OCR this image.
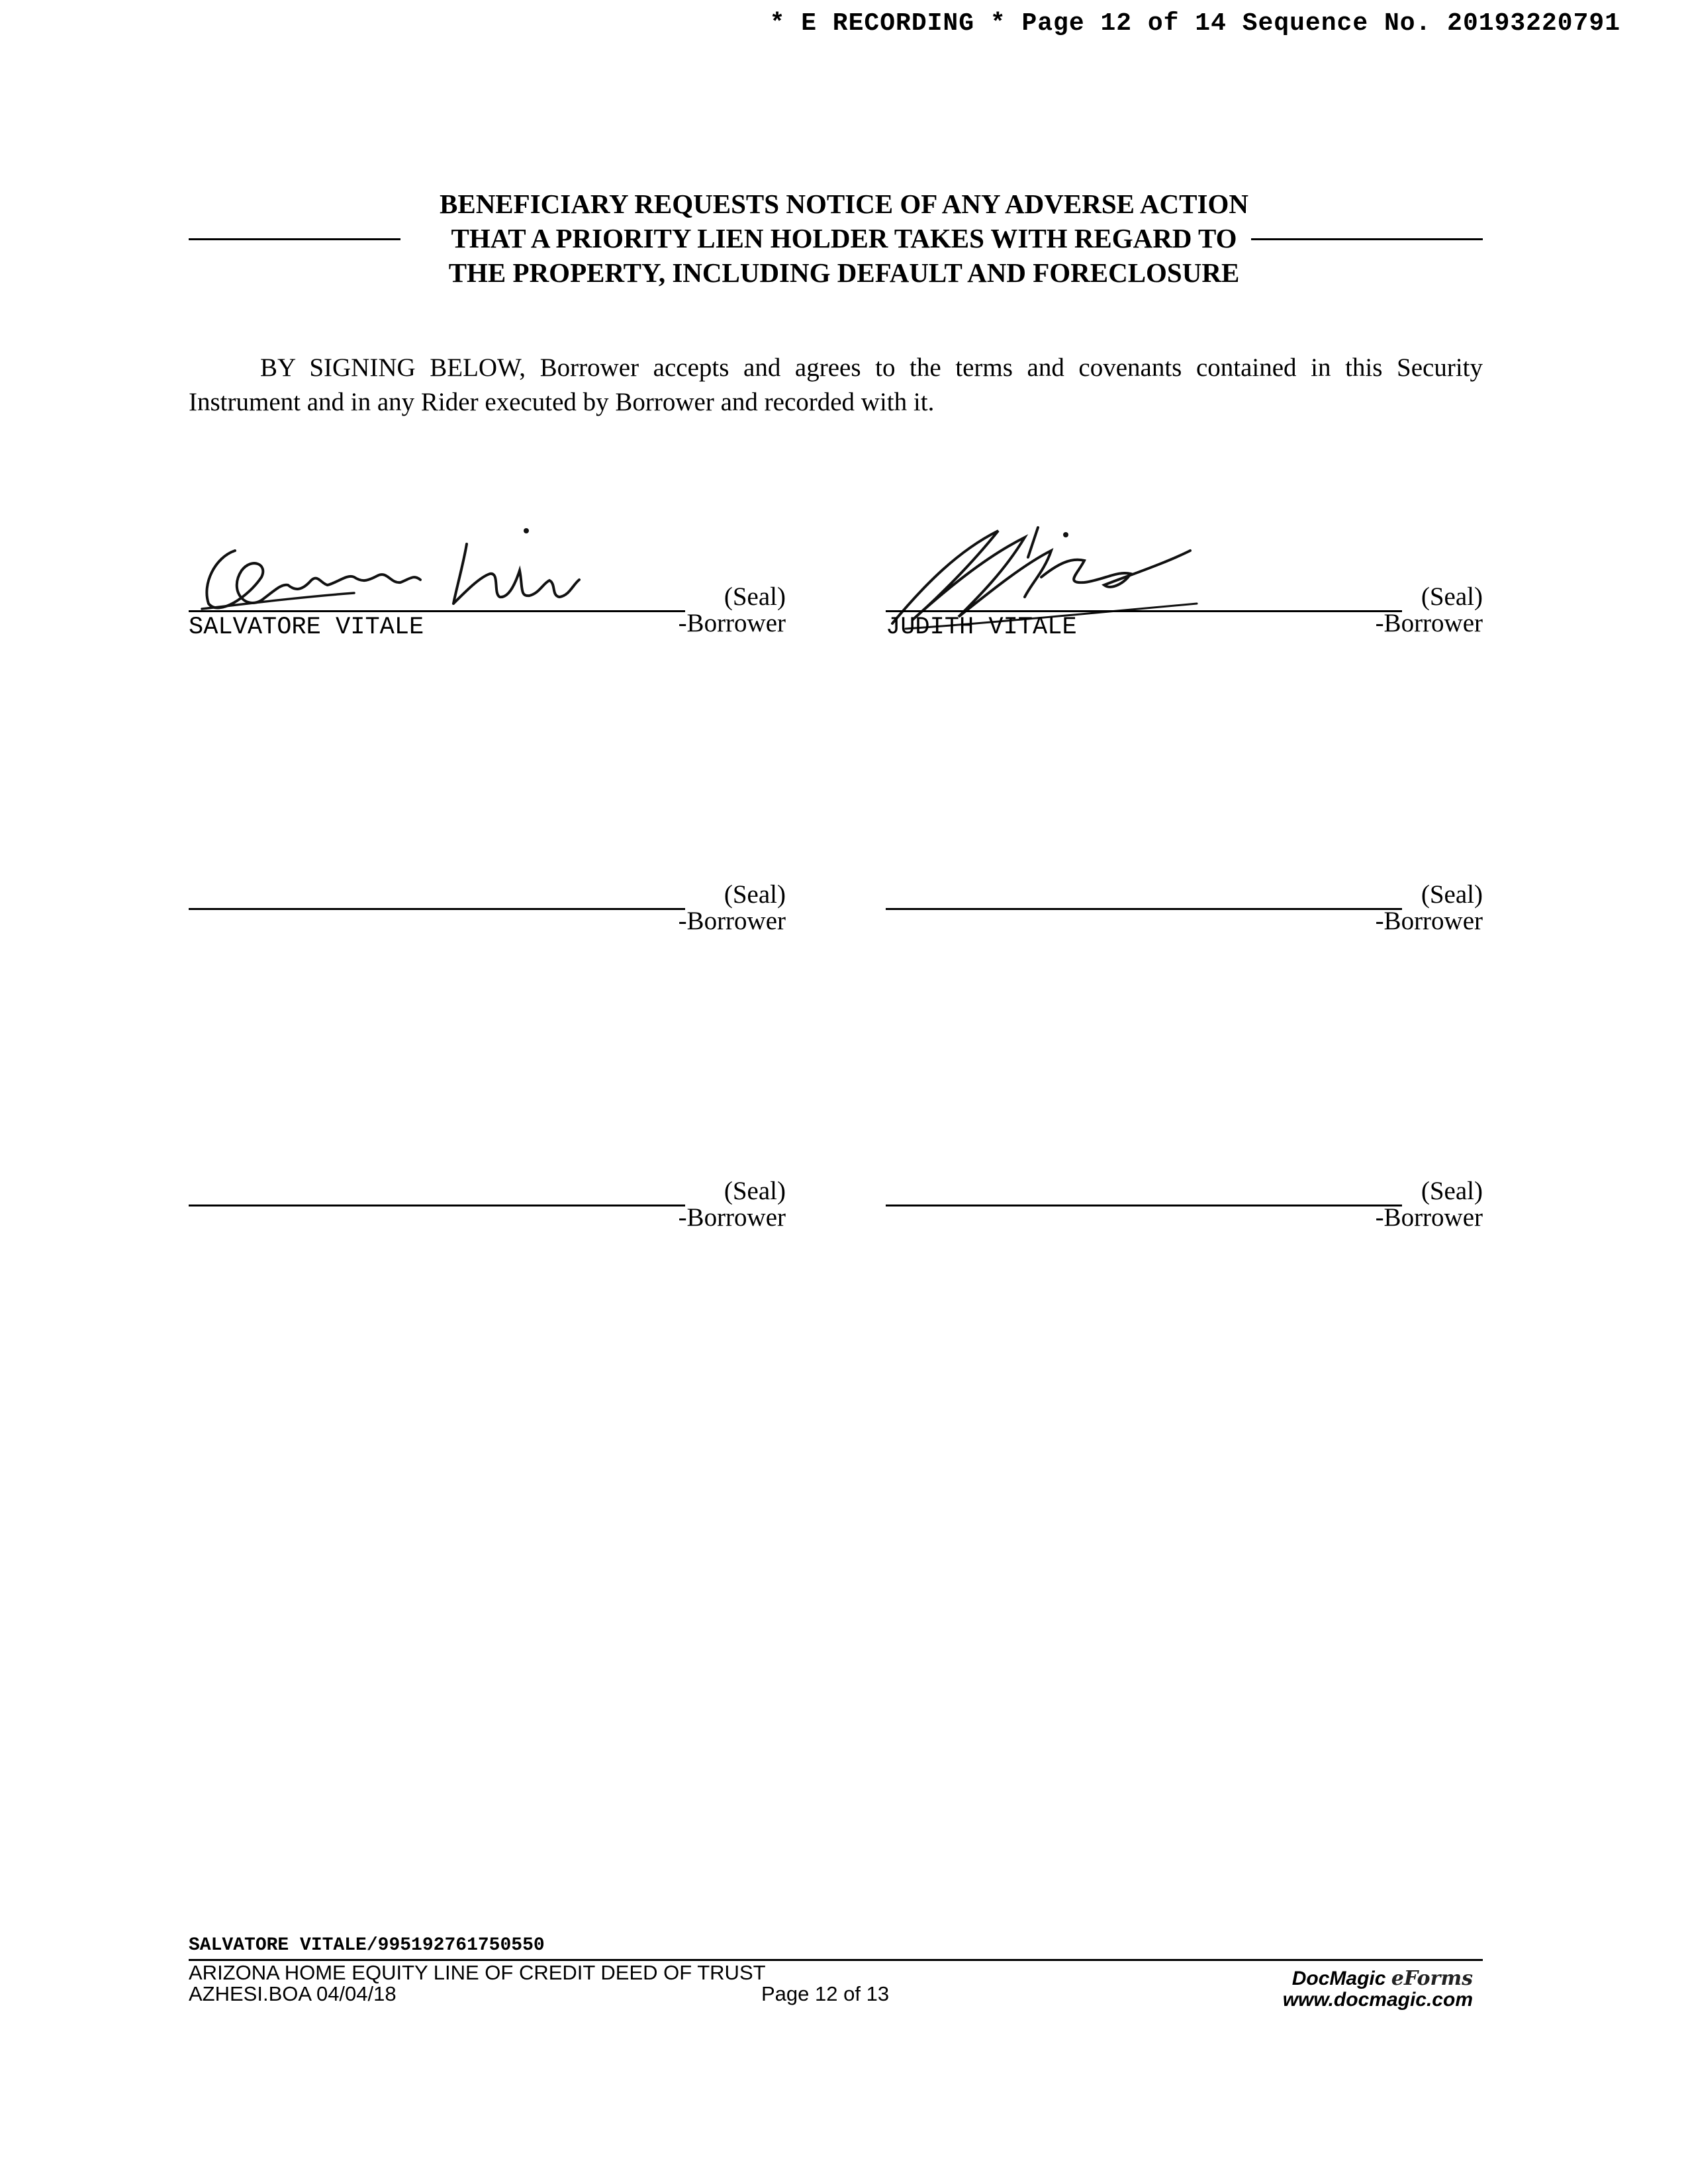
* E RECORDING * Page 12 of 14 Sequence No. 20193220791
BENEFICIARY REQUESTS NOTICE OF ANY ADVERSE ACTION
THAT A PRIORITY LIEN HOLDER TAKES WITH REGARD TO
THE PROPERTY, INCLUDING DEFAULT AND FORECLOSURE
BY SIGNING BELOW, Borrower accepts and agrees to the terms and covenants contained in this Security Instrument and in any Rider executed by Borrower and recorded with it.
(Seal)
-Borrower
SALVATORE VITALE
(Seal)
-Borrower
JUDITH VITALE
(Seal)
-Borrower
(Seal)
-Borrower
(Seal)
-Borrower
(Seal)
-Borrower
SALVATORE VITALE/995192761750550
ARIZONA HOME EQUITY LINE OF CREDIT DEED OF TRUST
AZHESI.BOA 04/04/18	Page 12 of 13
DocMagic eForms
www.docmagic.com
